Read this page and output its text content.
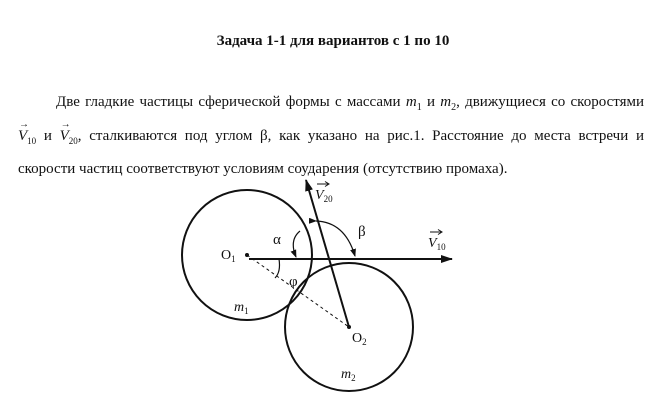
Задача 1-1 для вариантов с 1 по 10

Две гладкие частицы сферической формы с массами $m_1$ и $m_2$, движущиеся со скоростями → $V_{10}$ $и \to V_{20}$, сталкиваются под углом β, как указано на рис.1. Расстояние до места встречи и скорости частиц соответствуют условиям соударения (отсутствию промаха).

$O_1$
$O_2$
$m_1$
$m_2$
α	β
φ
$V_{10}$
$V_{20}$
